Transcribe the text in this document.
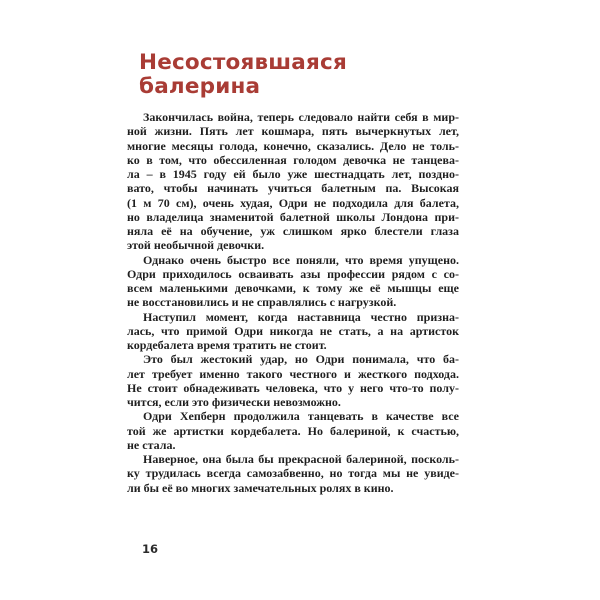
Несостоявшаяся
балерина
Закончилась война, теперь следовало найти себя в мир-
ной жизни. Пять лет кошмара, пять вычеркнутых лет,
многие месяцы голода, конечно, сказались. Дело не толь-
ко в том, что обессиленная голодом девочка не танцева-
ла – в 1945 году ей было уже шестнадцать лет, поздно-
вато, чтобы начинать учиться балетным па. Высокая
(1 м 70 см), очень худая, Одри не подходила для балета,
но владелица знаменитой балетной школы Лондона при-
няла её на обучение, уж слишком ярко блестели глаза
этой необычной девочки.
Однако очень быстро все поняли, что время упущено.
Одри приходилось осваивать азы профессии рядом с со-
всем маленькими девочками, к тому же её мышцы еще
не восстановились и не справлялись с нагрузкой.
Наступил момент, когда наставница честно призна-
лась, что примой Одри никогда не стать, а на артисток
кордебалета время тратить не стоит.
Это был жестокий удар, но Одри понимала, что ба-
лет требует именно такого честного и жесткого подхода.
Не стоит обнадеживать человека, что у него что-то полу-
чится, если это физически невозможно.
Одри Хепберн продолжила танцевать в качестве все
той же артистки кордебалета. Но балериной, к счастью,
не стала.
Наверное, она была бы прекрасной балериной, посколь-
ку трудилась всегда самозабвенно, но тогда мы не увиде-
ли бы её во многих замечательных ролях в кино.
16
